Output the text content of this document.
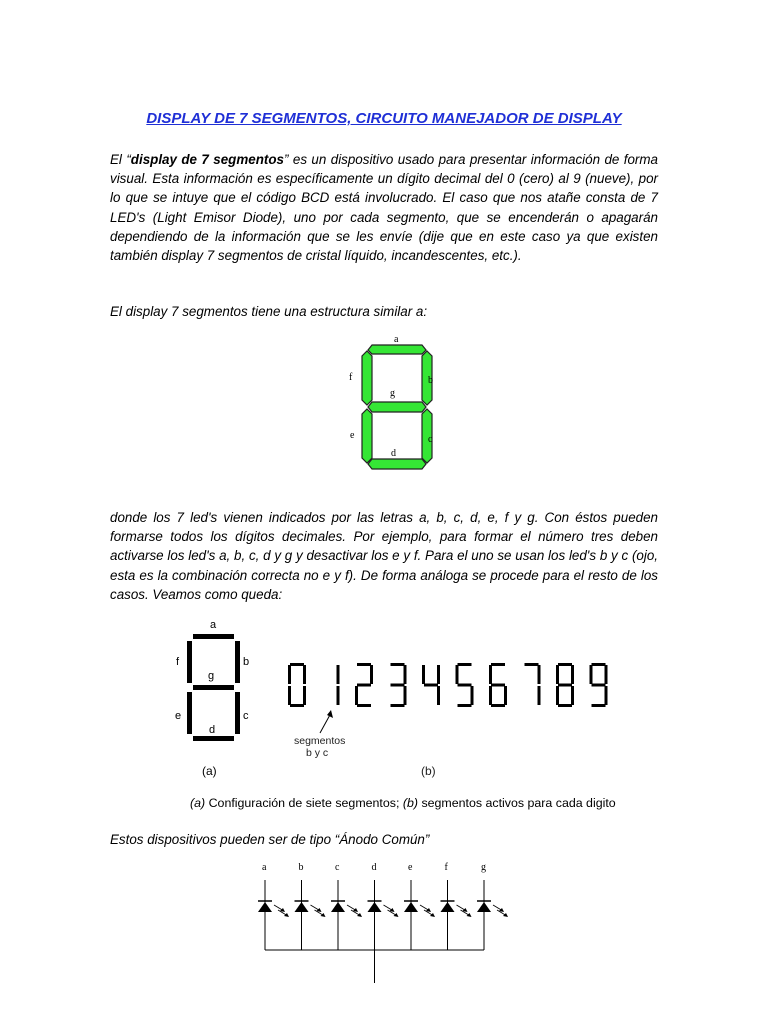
DISPLAY DE 7 SEGMENTOS, CIRCUITO MANEJADOR DE DISPLAY
El “display de 7 segmentos” es un dispositivo usado para presentar información de forma visual. Esta información es específicamente un dígito decimal del 0 (cero) al 9 (nueve), por lo que se intuye que el código BCD está involucrado. El caso que nos atañe consta de 7 LED's (Light Emisor Diode), uno por cada segmento, que se encenderán o apagarán dependiendo de la información que se les envíe (dije que en este caso ya que existen también display 7 segmentos de cristal líquido, incandescentes, etc.).
El display 7 segmentos tiene una estructura similar a:
a
b
c
d
e
f
g
donde los 7 led's vienen indicados por las letras a, b, c, d, e, f y g. Con éstos pueden formarse todos los dígitos decimales. Por ejemplo, para formar el número tres deben activarse los led's a, b, c, d y g y desactivar los e y f. Para el uno se usan los led's b y c (ojo, esta es la combinación correcta no e y f). De forma análoga se procede para el resto de los casos. Veamos como queda:
a
b
c
d
e
f
g
(a)
segmentos
b y c
(b)
(a) Configuración de siete segmentos; (b) segmentos activos para cada digito
Estos dispositivos pueden ser de tipo “Ánodo Común”
a	b	c	d	e	f	g
